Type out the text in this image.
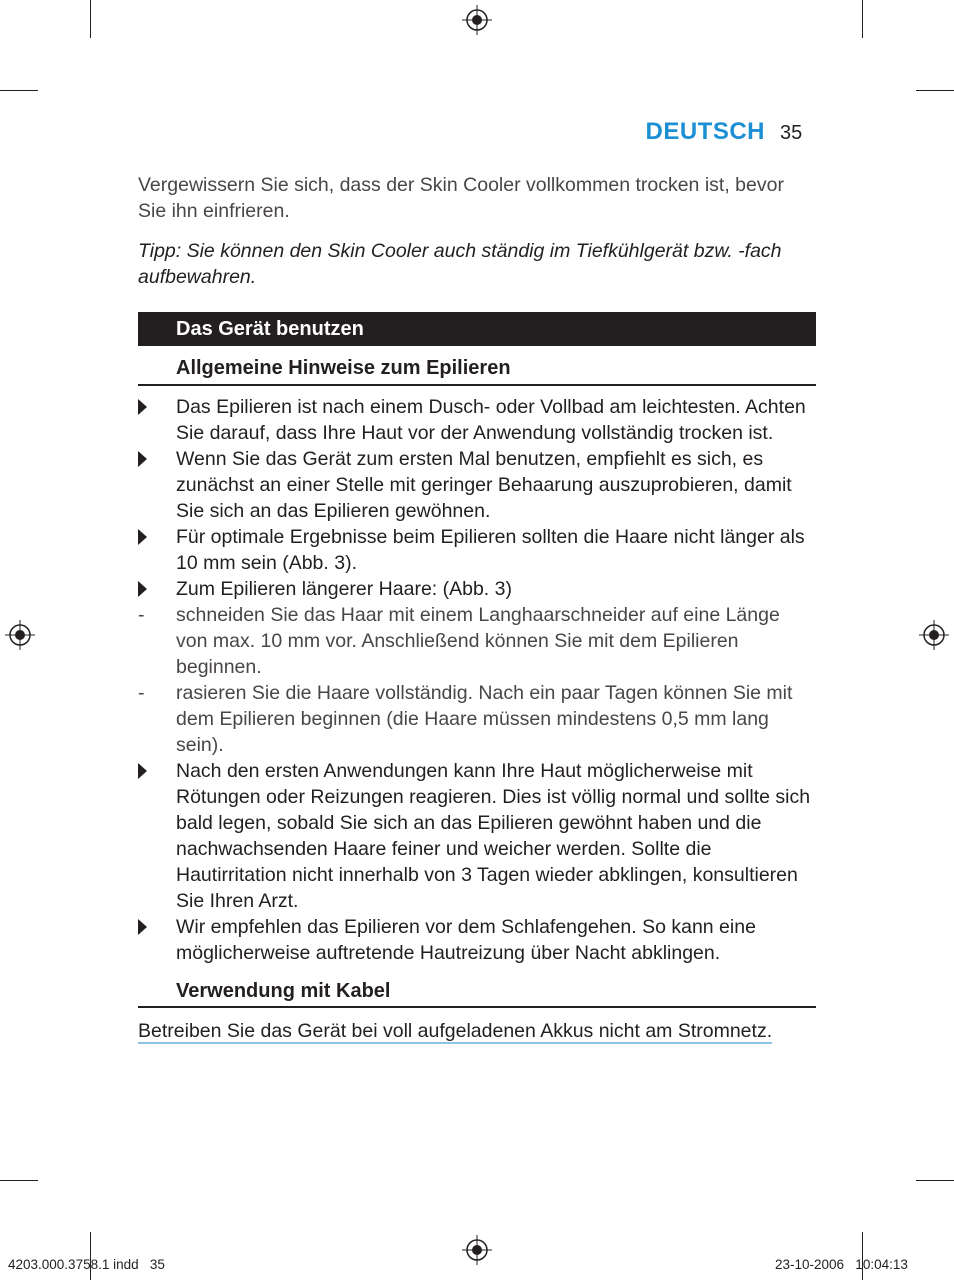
DEUTSCH 35

Vergewissern Sie sich, dass der Skin Cooler vollkommen trocken ist, bevor Sie ihn einfrieren.

Tipp: Sie können den Skin Cooler auch ständig im Tiefkühlgerät bzw. -fach aufbewahren.

Das Gerät benutzen
Allgemeine Hinweise zum Epilieren
Das Epilieren ist nach einem Dusch- oder Vollbad am leichtesten. Achten Sie darauf, dass Ihre Haut vor der Anwendung vollständig trocken ist.
Wenn Sie das Gerät zum ersten Mal benutzen, empfiehlt es sich, es zunächst an einer Stelle mit geringer Behaarung auszuprobieren, damit Sie sich an das Epilieren gewöhnen.
Für optimale Ergebnisse beim Epilieren sollten die Haare nicht länger als 10 mm sein (Abb. 3).
Zum Epilieren längerer Haare: (Abb. 3)
-	schneiden Sie das Haar mit einem Langhaarschneider auf eine Länge von max. 10 mm vor. Anschließend können Sie mit dem Epilieren beginnen.
-	rasieren Sie die Haare vollständig. Nach ein paar Tagen können Sie mit dem Epilieren beginnen (die Haare müssen mindestens 0,5 mm lang sein).
Nach den ersten Anwendungen kann Ihre Haut möglicherweise mit Rötungen oder Reizungen reagieren. Dies ist völlig normal und sollte sich bald legen, sobald Sie sich an das Epilieren gewöhnt haben und die nachwachsenden Haare feiner und weicher werden. Sollte die Hautirritation nicht innerhalb von 3 Tagen wieder abklingen, konsultieren Sie Ihren Arzt.
Wir empfehlen das Epilieren vor dem Schlafengehen. So kann eine möglicherweise auftretende Hautreizung über Nacht abklingen.
Verwendung mit Kabel
Betreiben Sie das Gerät bei voll aufgeladenen Akkus nicht am Stromnetz.
4203.000.3758.1 indd   35	23-10-2006   10:04:13
